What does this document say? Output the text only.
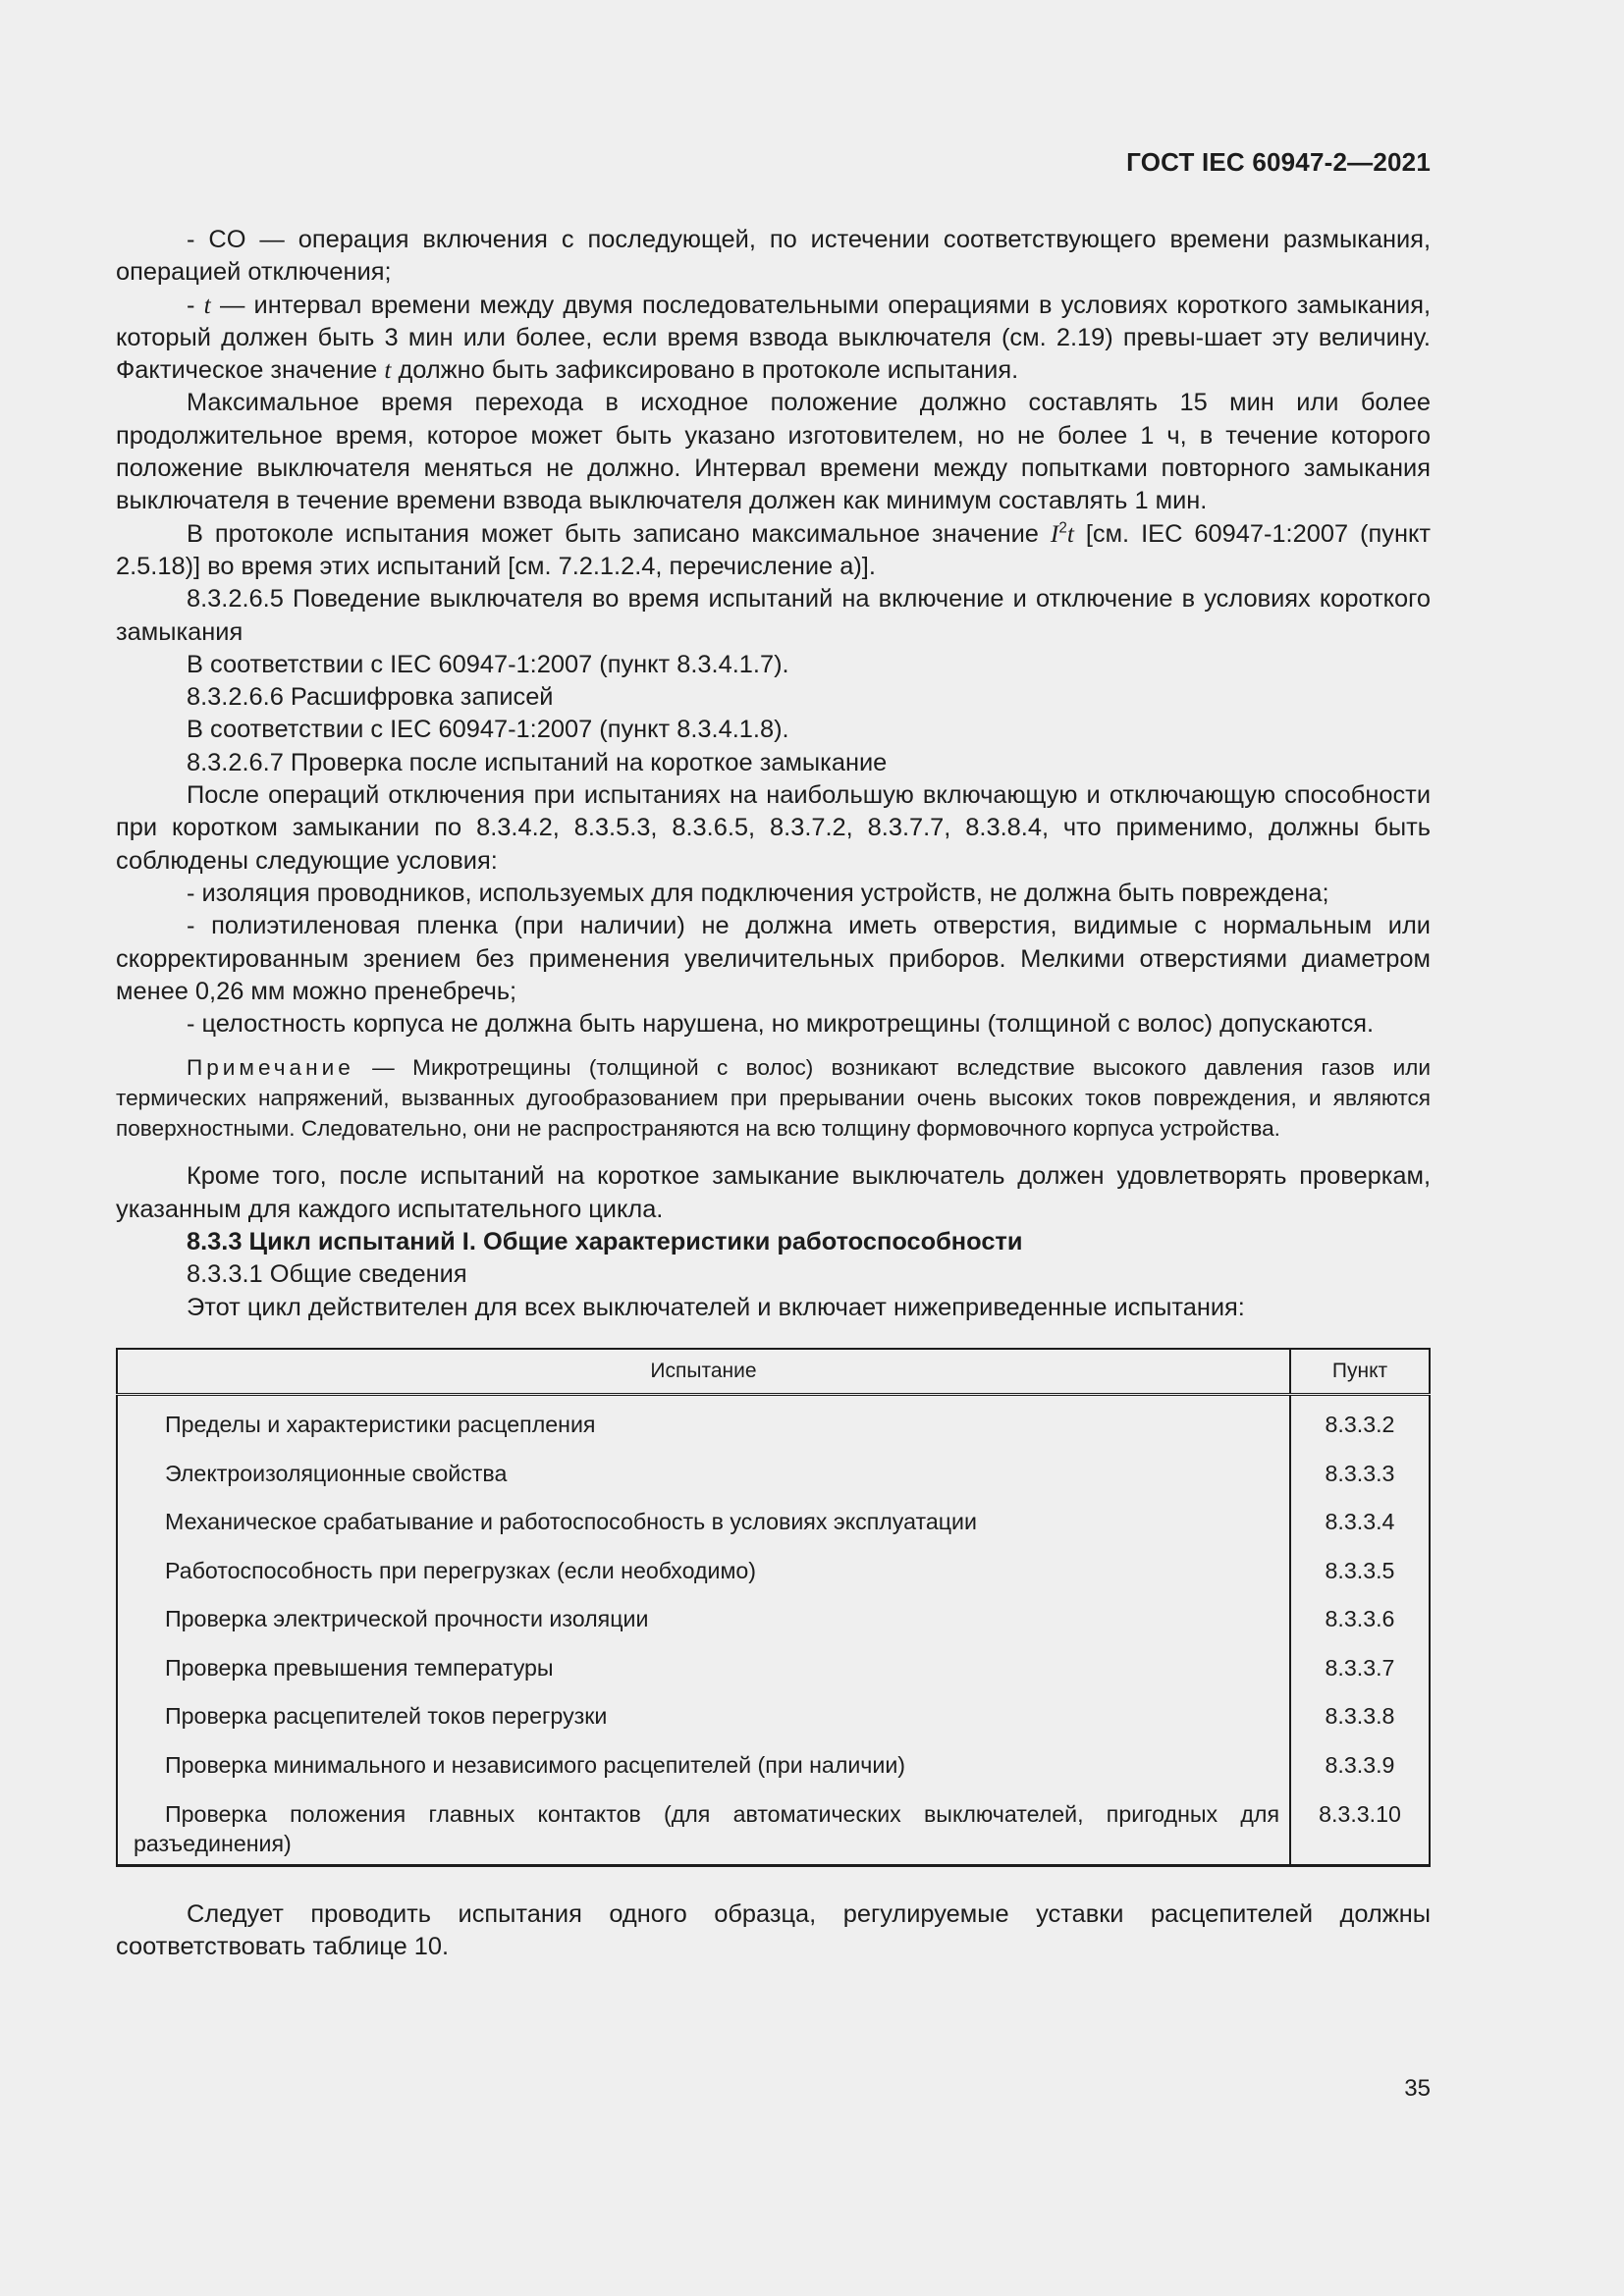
ГОСТ IEC 60947-2—2021

- CO — операция включения с последующей, по истечении соответствующего времени размыкания, операцией отключения;

- t — интервал времени между двумя последовательными операциями в условиях короткого замыкания, который должен быть 3 мин или более, если время взвода выключателя (см. 2.19) превы-шает эту величину. Фактическое значение t должно быть зафиксировано в протоколе испытания.

Максимальное время перехода в исходное положение должно составлять 15 мин или более продолжительное время, которое может быть указано изготовителем, но не более 1 ч, в течение которого положение выключателя меняться не должно. Интервал времени между попытками повторного замыкания выключателя в течение времени взвода выключателя должен как минимум составлять 1 мин.

В протоколе испытания может быть записано максимальное значение $I^2t$ [см. IEC 60947-1:2007 (пункт 2.5.18)] во время этих испытаний [см. 7.2.1.2.4, перечисление a)].

8.3.2.6.5 Поведение выключателя во время испытаний на включение и отключение в условиях короткого замыкания

В соответствии с IEC 60947-1:2007 (пункт 8.3.4.1.7).

8.3.2.6.6 Расшифровка записей

В соответствии с IEC 60947-1:2007 (пункт 8.3.4.1.8).

8.3.2.6.7 Проверка после испытаний на короткое замыкание

После операций отключения при испытаниях на наибольшую включающую и отключающую способности при коротком замыкании по 8.3.4.2, 8.3.5.3, 8.3.6.5, 8.3.7.2, 8.3.7.7, 8.3.8.4, что применимо, должны быть соблюдены следующие условия:

- изоляция проводников, используемых для подключения устройств, не должна быть повреждена;

- полиэтиленовая пленка (при наличии) не должна иметь отверстия, видимые с нормальным или скорректированным зрением без применения увеличительных приборов. Мелкими отверстиями диаметром менее 0,26 мм можно пренебречь;

- целостность корпуса не должна быть нарушена, но микротрещины (толщиной с волос) допускаются.

Примечание — Микротрещины (толщиной с волос) возникают вследствие высокого давления газов или термических напряжений, вызванных дугообразованием при прерывании очень высоких токов повреждения, и являются поверхностными. Следовательно, они не распространяются на всю толщину формовочного корпуса устройства.

Кроме того, после испытаний на короткое замыкание выключатель должен удовлетворять проверкам, указанным для каждого испытательного цикла.

8.3.3 Цикл испытаний I. Общие характеристики работоспособности

8.3.3.1 Общие сведения

Этот цикл действителен для всех выключателей и включает нижеприведенные испытания:

Испытание	Пункт
Пределы и характеристики расцепления	8.3.3.2
Электроизоляционные свойства	8.3.3.3
Механическое срабатывание и работоспособность в условиях эксплуатации	8.3.3.4
Работоспособность при перегрузках (если необходимо)	8.3.3.5
Проверка электрической прочности изоляции	8.3.3.6
Проверка превышения температуры	8.3.3.7
Проверка расцепителей токов перегрузки	8.3.3.8
Проверка минимального и независимого расцепителей (при наличии)	8.3.3.9
Проверка положения главных контактов (для автоматических выключателей, пригодных для разъединения)	8.3.3.10

Следует проводить испытания одного образца, регулируемые уставки расцепителей должны соответствовать таблице 10.

35
